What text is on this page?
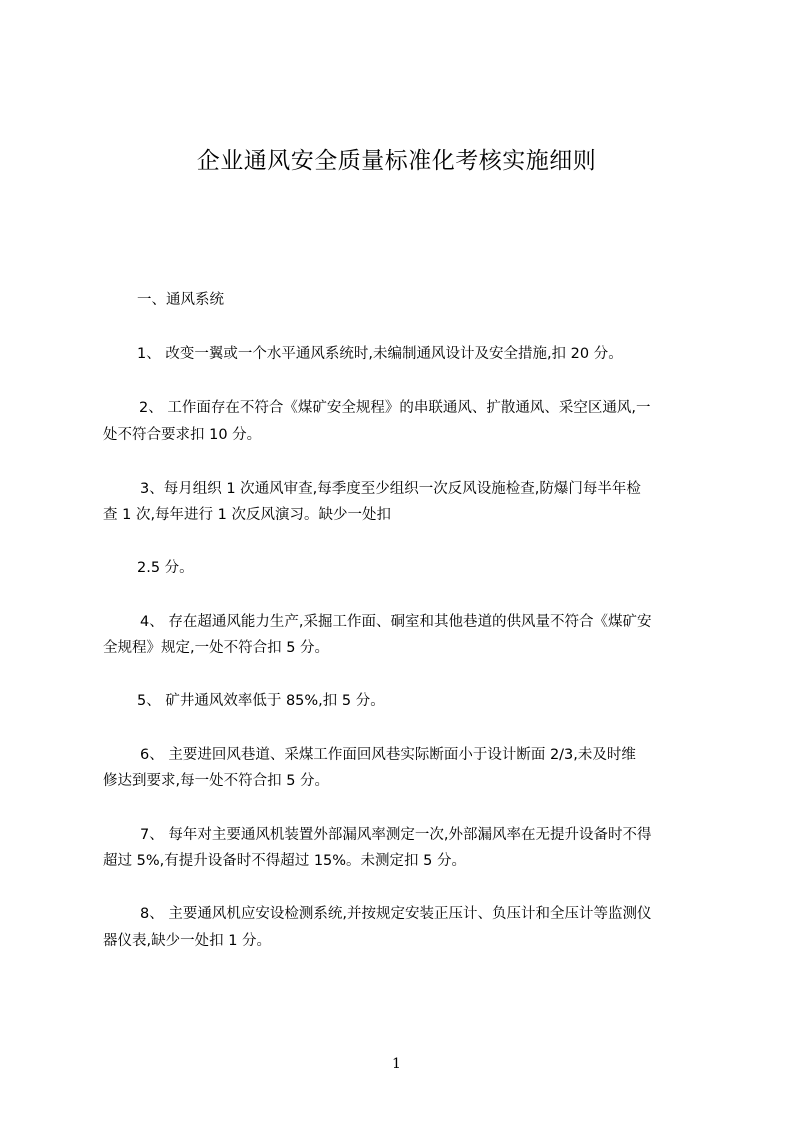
企业通风安全质量标准化考核实施细则
一、通风系统
1、 改变一翼或一个水平通风系统时,未编制通风设计及安全措施,扣 20 分。
2、 工作面存在不符合《煤矿安全规程》的串联通风、扩散通风、采空区通风,一
处不符合要求扣 10 分。
3、每月组织 1 次通风审查,每季度至少组织一次反风设施检查,防爆门每半年检
查 1 次,每年进行 1 次反风演习。缺少一处扣
2.5 分。
4、 存在超通风能力生产,采掘工作面、硐室和其他巷道的供风量不符合《煤矿安
全规程》规定,一处不符合扣 5 分。
5、 矿井通风效率低于 85%,扣 5 分。
6、 主要进回风巷道、采煤工作面回风巷实际断面小于设计断面 2/3,未及时维
修达到要求,每一处不符合扣 5 分。
7、 每年对主要通风机装置外部漏风率测定一次,外部漏风率在无提升设备时不得
超过 5%,有提升设备时不得超过 15%。未测定扣 5 分。
8、 主要通风机应安设检测系统,并按规定安装正压计、负压计和全压计等监测仪
器仪表,缺少一处扣 1 分。
1
